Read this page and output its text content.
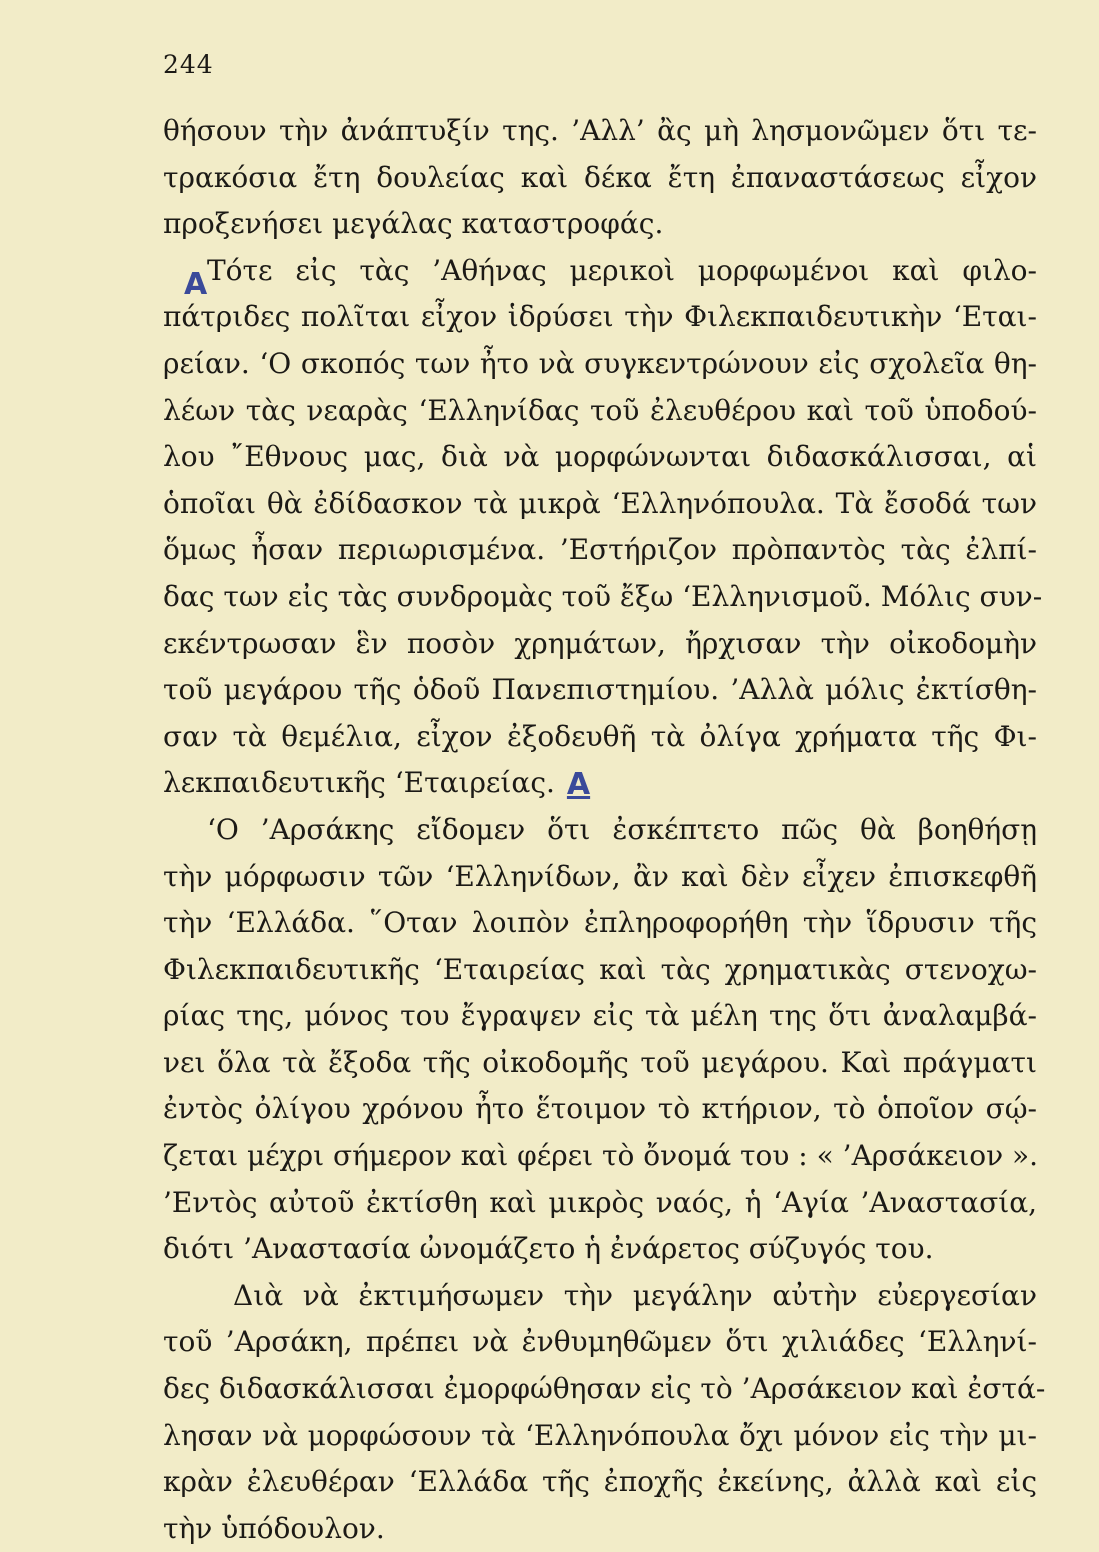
244
Α
θήσουν τὴν ἀνάπτυξίν της. ’Αλλ’ ἂς μὴ λησμονῶμεν ὅτι τε-
τρακόσια ἔτη δουλείας καὶ δέκα ἔτη ἐπαναστάσεως εἶχον
προξενήσει μεγάλας καταστροφάς.
Τότε εἰς τὰς ’Αθήνας μερικοὶ μορφωμένοι καὶ φιλο-
πάτριδες πολῖται εἶχον ἱδρύσει τὴν Φιλεκπαιδευτικὴν ‘Εται-
ρείαν. ‘Ο σκοπός των ἦτο νὰ συγκεντρώνουν εἰς σχολεῖα θη-
λέων τὰς νεαρὰς ‘Ελληνίδας τοῦ ἐλευθέρου καὶ τοῦ ὑποδού-
λου ῎Εθνους μας, διὰ νὰ μορφώνωνται διδασκάλισσαι, αἱ
ὁποῖαι θὰ ἐδίδασκον τὰ μικρὰ ‘Ελληνόπουλα. Τὰ ἔσοδά των
ὅμως ἦσαν περιωρισμένα. ’Εστήριζον πρὸπαντὸς τὰς ἐλπί-
δας των εἰς τὰς συνδρομὰς τοῦ ἔξω ‘Ελληνισμοῦ. Μόλις συν-
εκέντρωσαν ἓν ποσὸν χρημάτων, ἤρχισαν τὴν οἰκοδομὴν
τοῦ μεγάρου τῆς ὁδοῦ Πανεπιστημίου. ’Αλλὰ μόλις ἐκτίσθη-
σαν τὰ θεμέλια, εἶχον ἐξοδευθῆ τὰ ὀλίγα χρήματα τῆς Φι-
λεκπαιδευτικῆς ‘Εταιρείας. Α
‘Ο ’Αρσάκης εἴδομεν ὅτι ἐσκέπτετο πῶς θὰ βοηθήσῃ
τὴν μόρφωσιν τῶν ‘Ελληνίδων, ἂν καὶ δὲν εἶχεν ἐπισκεφθῆ
τὴν ‘Ελλάδα. ῞Οταν λοιπὸν ἐπληροφορήθη τὴν ἵδρυσιν τῆς
Φιλεκπαιδευτικῆς ‘Εταιρείας καὶ τὰς χρηματικὰς στενοχω-
ρίας της, μόνος του ἔγραψεν εἰς τὰ μέλη της ὅτι ἀναλαμβά-
νει ὅλα τὰ ἔξοδα τῆς οἰκοδομῆς τοῦ μεγάρου. Καὶ πράγματι
ἐντὸς ὀλίγου χρόνου ἦτο ἕτοιμον τὸ κτήριον, τὸ ὁποῖον σῴ-
ζεται μέχρι σήμερον καὶ φέρει τὸ ὄνομά του : « ’Αρσάκειον ».
’Εντὸς αὐτοῦ ἐκτίσθη καὶ μικρὸς ναός, ἡ ‘Αγία ’Αναστασία,
διότι ’Αναστασία ὠνομάζετο ἡ ἐνάρετος σύζυγός του.
Διὰ νὰ ἐκτιμήσωμεν τὴν μεγάλην αὐτὴν εὐεργεσίαν
τοῦ ’Αρσάκη, πρέπει νὰ ἐνθυμηθῶμεν ὅτι χιλιάδες ‘Ελληνί-
δες διδασκάλισσαι ἐμορφώθησαν εἰς τὸ ’Αρσάκειον καὶ ἐστά-
λησαν νὰ μορφώσουν τὰ ‘Ελληνόπουλα ὄχι μόνον εἰς τὴν μι-
κρὰν ἐλευθέραν ‘Ελλάδα τῆς ἐποχῆς ἐκείνης, ἀλλὰ καὶ εἰς
τὴν ὑπόδουλον.
